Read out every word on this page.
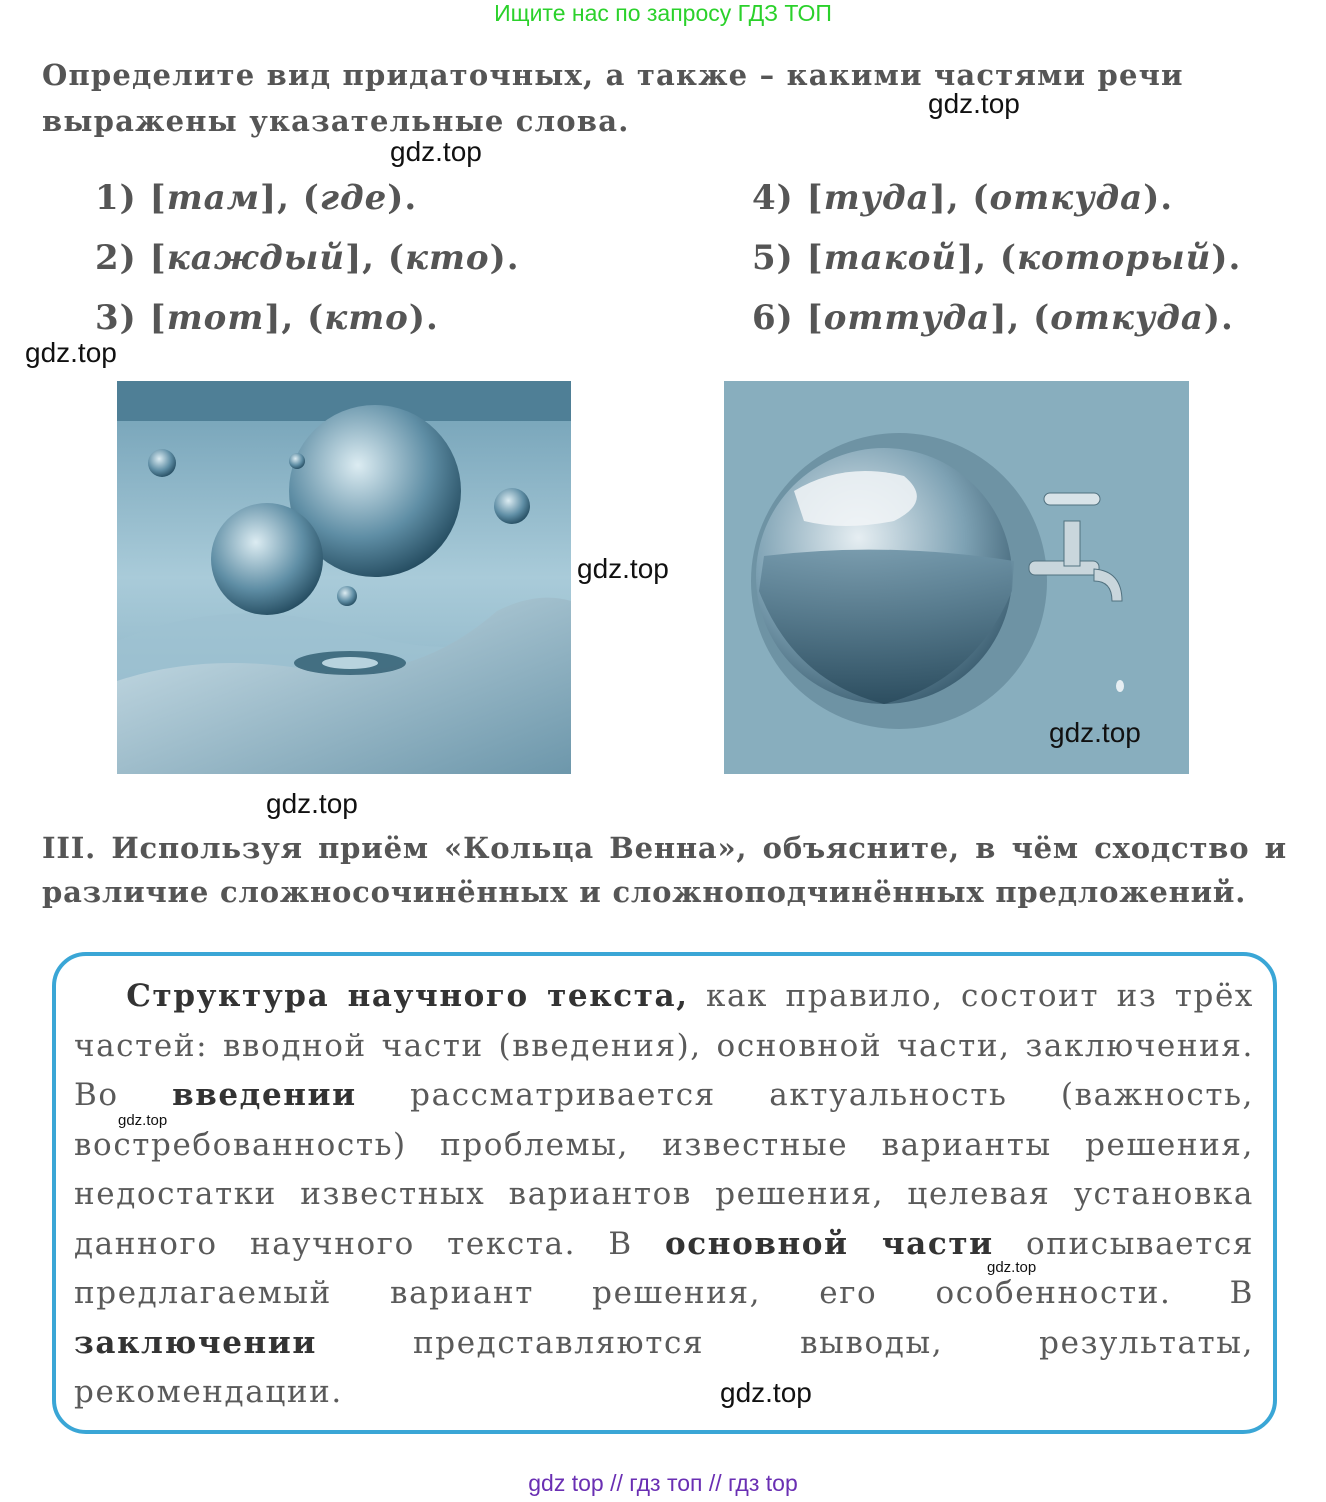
Ищите нас по запросу ГДЗ ТОП
Определите вид придаточных, а также – какими частями речи выражены указательные слова.
1) [там], (где).
2) [каждый], (кто).
3) [тот], (кто).
4) [туда], (откуда).
5) [такой], (который).
6) [оттуда], (откуда).
gdz.top
gdz.top
gdz.top
gdz.top
gdz.top
gdz.top
III. Используя приём «Кольца Венна», объясните, в чём сходство и различие сложносочинённых и сложноподчинённых предложений.
Структура научного текста, как правило, состоит из трёх частей: вводной части (введения), основной части, заключения. Во введении рассматривается актуальность (важность, востребованность) проблемы, известные варианты решения, недостатки известных вариантов решения, целевая установка данного научного текста. В основной части описывается предлагаемый вариант решения, его особенности. В заключении представляются выводы, результаты, рекомендации.
gdz.top
gdz.top
gdz.top
gdz top // гдз топ // гдз top
